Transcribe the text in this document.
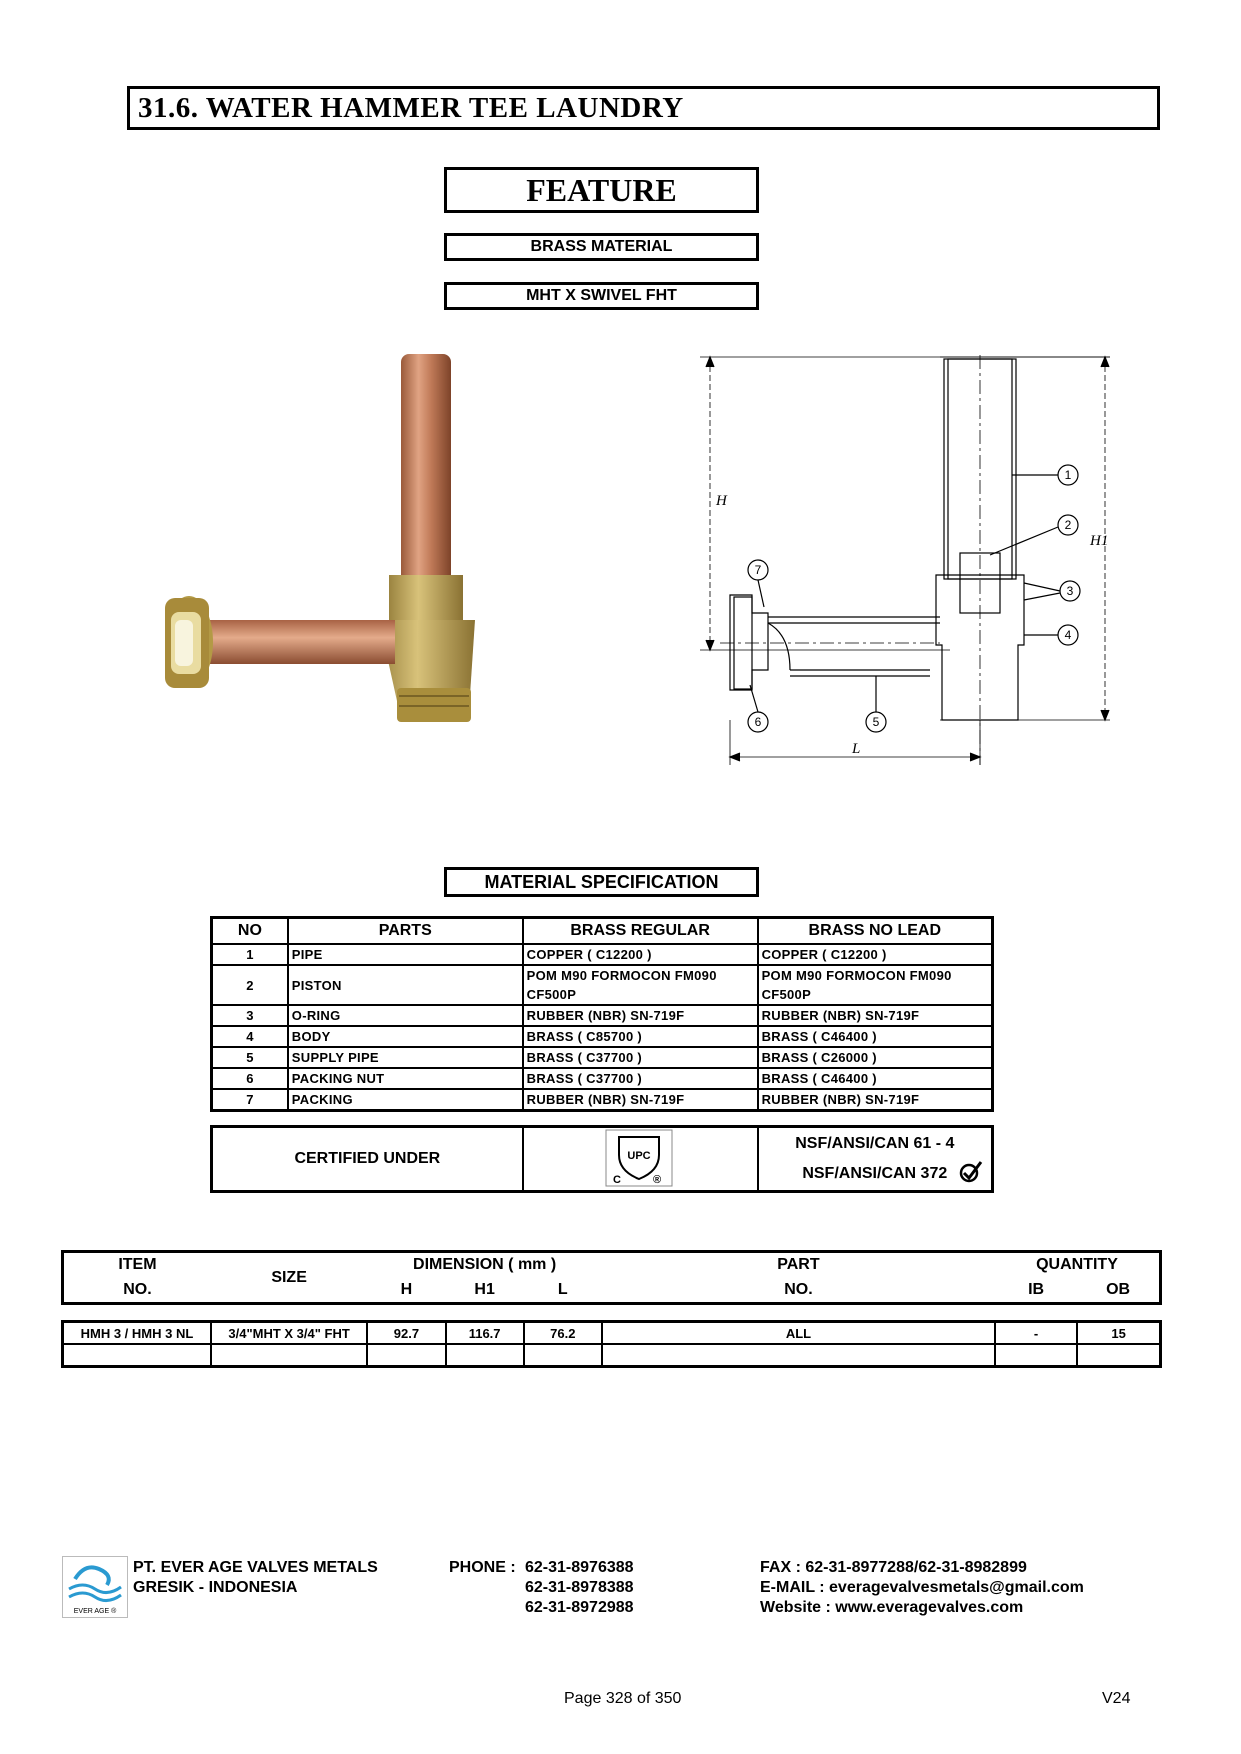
31.6. WATER HAMMER TEE LAUNDRY
FEATURE
BRASS MATERIAL
MHT X SWIVEL FHT
H
H1
L
1
2
3
4
5
6
7
MATERIAL SPECIFICATION
NO	PARTS	BRASS REGULAR	BRASS NO LEAD
1	PIPE	COPPER ( C12200 )	COPPER ( C12200 )
2	PISTON	POM M90 FORMOCON FM090 CF500P	POM M90 FORMOCON FM090 CF500P
3	O-RING	RUBBER (NBR) SN-719F	RUBBER (NBR) SN-719F
4	BODY	BRASS ( C85700 )	BRASS ( C46400 )
5	SUPPLY PIPE	BRASS ( C37700 )	BRASS ( C26000 )
6	PACKING NUT	BRASS ( C37700 )	BRASS ( C46400 )
7	PACKING	RUBBER (NBR) SN-719F	RUBBER (NBR) SN-719F
CERTIFIED UNDER	UPC
C	®

NSF/ANSI/CAN 61 - 4
NSF/ANSI/CAN 372
ITEM	SIZE	DIMENSION ( mm )			PART	QUANTITY	
NO.		H	H1	L	NO.	IB	OB
HMH 3 / HMH 3 NL	3/4"MHT X 3/4" FHT	92.7	116.7	76.2	ALL	-	15

EVER AGE ®
PT. EVER AGE VALVES METALS
GRESIK - INDONESIA
PHONE : 62-31-8976388
62-31-8978388
62-31-8972988
FAX : 62-31-8977288/62-31-8982899
E-MAIL : everagevalvesmetals@gmail.com
Website : www.everagevalves.com
Page 328 of 350	V24
